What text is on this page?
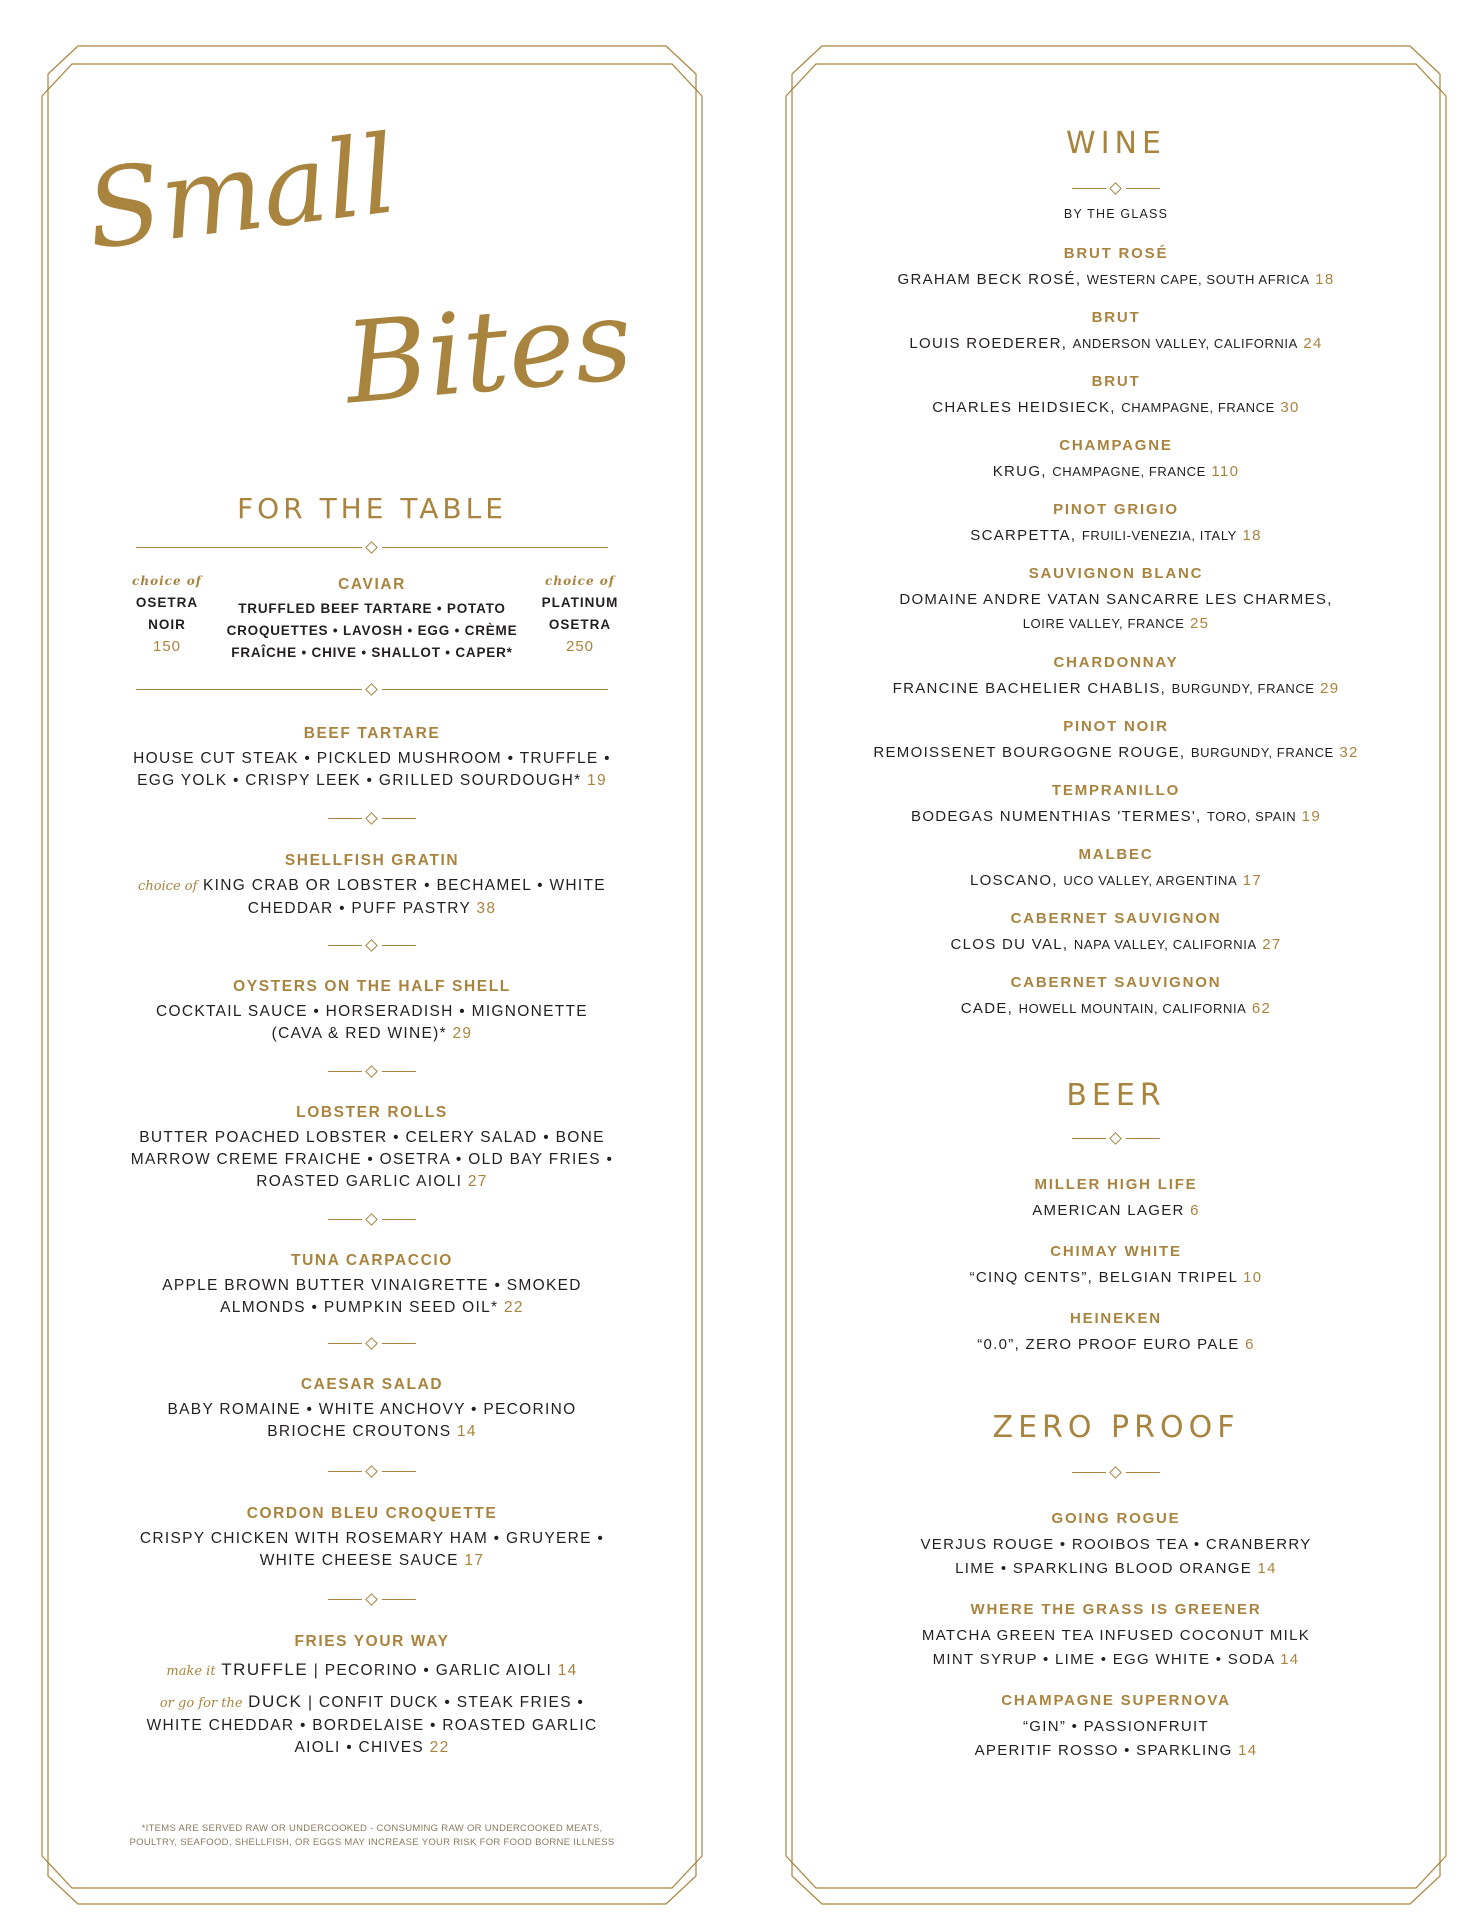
Small
Bites
FOR THE TABLE
choice of
OSETRA
NOIR
150
CAVIAR
TRUFFLED BEEF TARTARE • POTATO
CROQUETTES • LAVOSH • EGG • CRÈME
FRAÎCHE • CHIVE • SHALLOT • CAPER*
choice of
PLATINUM
OSETRA
250
BEEF TARTARE
HOUSE CUT STEAK • PICKLED MUSHROOM • TRUFFLE •
EGG YOLK • CRISPY LEEK • GRILLED SOURDOUGH* 19
SHELLFISH GRATIN
choice of KING CRAB OR LOBSTER • BECHAMEL • WHITE
CHEDDAR • PUFF PASTRY 38
OYSTERS ON THE HALF SHELL
COCKTAIL SAUCE • HORSERADISH • MIGNONETTE
(CAVA & RED WINE)* 29
LOBSTER ROLLS
BUTTER POACHED LOBSTER • CELERY SALAD • BONE
MARROW CREME FRAICHE • OSETRA • OLD BAY FRIES •
ROASTED GARLIC AIOLI 27
TUNA CARPACCIO
APPLE BROWN BUTTER VINAIGRETTE • SMOKED
ALMONDS • PUMPKIN SEED OIL* 22
CAESAR SALAD
BABY ROMAINE • WHITE ANCHOVY • PECORINO
BRIOCHE CROUTONS 14
CORDON BLEU CROQUETTE
CRISPY CHICKEN WITH ROSEMARY HAM • GRUYERE •
WHITE CHEESE SAUCE 17
FRIES YOUR WAY
make it TRUFFLE | PECORINO • GARLIC AIOLI 14
or go for the DUCK | CONFIT DUCK • STEAK FRIES •
WHITE CHEDDAR • BORDELAISE • ROASTED GARLIC
AIOLI • CHIVES 22
*ITEMS ARE SERVED RAW OR UNDERCOOKED - CONSUMING RAW OR UNDERCOOKED MEATS,
POULTRY, SEAFOOD, SHELLFISH, OR EGGS MAY INCREASE YOUR RISK FOR FOOD BORNE ILLNESS
WINE
BY THE GLASS
BRUT ROSÉ
GRAHAM BECK ROSÉ, WESTERN CAPE, SOUTH AFRICA 18
BRUT
LOUIS ROEDERER, ANDERSON VALLEY, CALIFORNIA 24
BRUT
CHARLES HEIDSIECK, CHAMPAGNE, FRANCE 30
CHAMPAGNE
KRUG, CHAMPAGNE, FRANCE 110
PINOT GRIGIO
SCARPETTA, FRUILI-VENEZIA, ITALY 18
SAUVIGNON BLANC
DOMAINE ANDRE VATAN SANCARRE LES CHARMES,
LOIRE VALLEY, FRANCE 25
CHARDONNAY
FRANCINE BACHELIER CHABLIS, BURGUNDY, FRANCE 29
PINOT NOIR
REMOISSENET BOURGOGNE ROUGE, BURGUNDY, FRANCE 32
TEMPRANILLO
BODEGAS NUMENTHIAS 'TERMES', TORO, SPAIN 19
MALBEC
LOSCANO, UCO VALLEY, ARGENTINA 17
CABERNET SAUVIGNON
CLOS DU VAL, NAPA VALLEY, CALIFORNIA 27
CABERNET SAUVIGNON
CADE, HOWELL MOUNTAIN, CALIFORNIA 62
BEER
MILLER HIGH LIFE
AMERICAN LAGER 6
CHIMAY WHITE
“CINQ CENTS”, BELGIAN TRIPEL 10
HEINEKEN
“0.0”, ZERO PROOF EURO PALE 6
ZERO PROOF
GOING ROGUE
VERJUS ROUGE • ROOIBOS TEA • CRANBERRY
LIME • SPARKLING BLOOD ORANGE 14
WHERE THE GRASS IS GREENER
MATCHA GREEN TEA INFUSED COCONUT MILK
MINT SYRUP • LIME • EGG WHITE • SODA 14
CHAMPAGNE SUPERNOVA
“GIN” • PASSIONFRUIT
APERITIF ROSSO • SPARKLING 14
